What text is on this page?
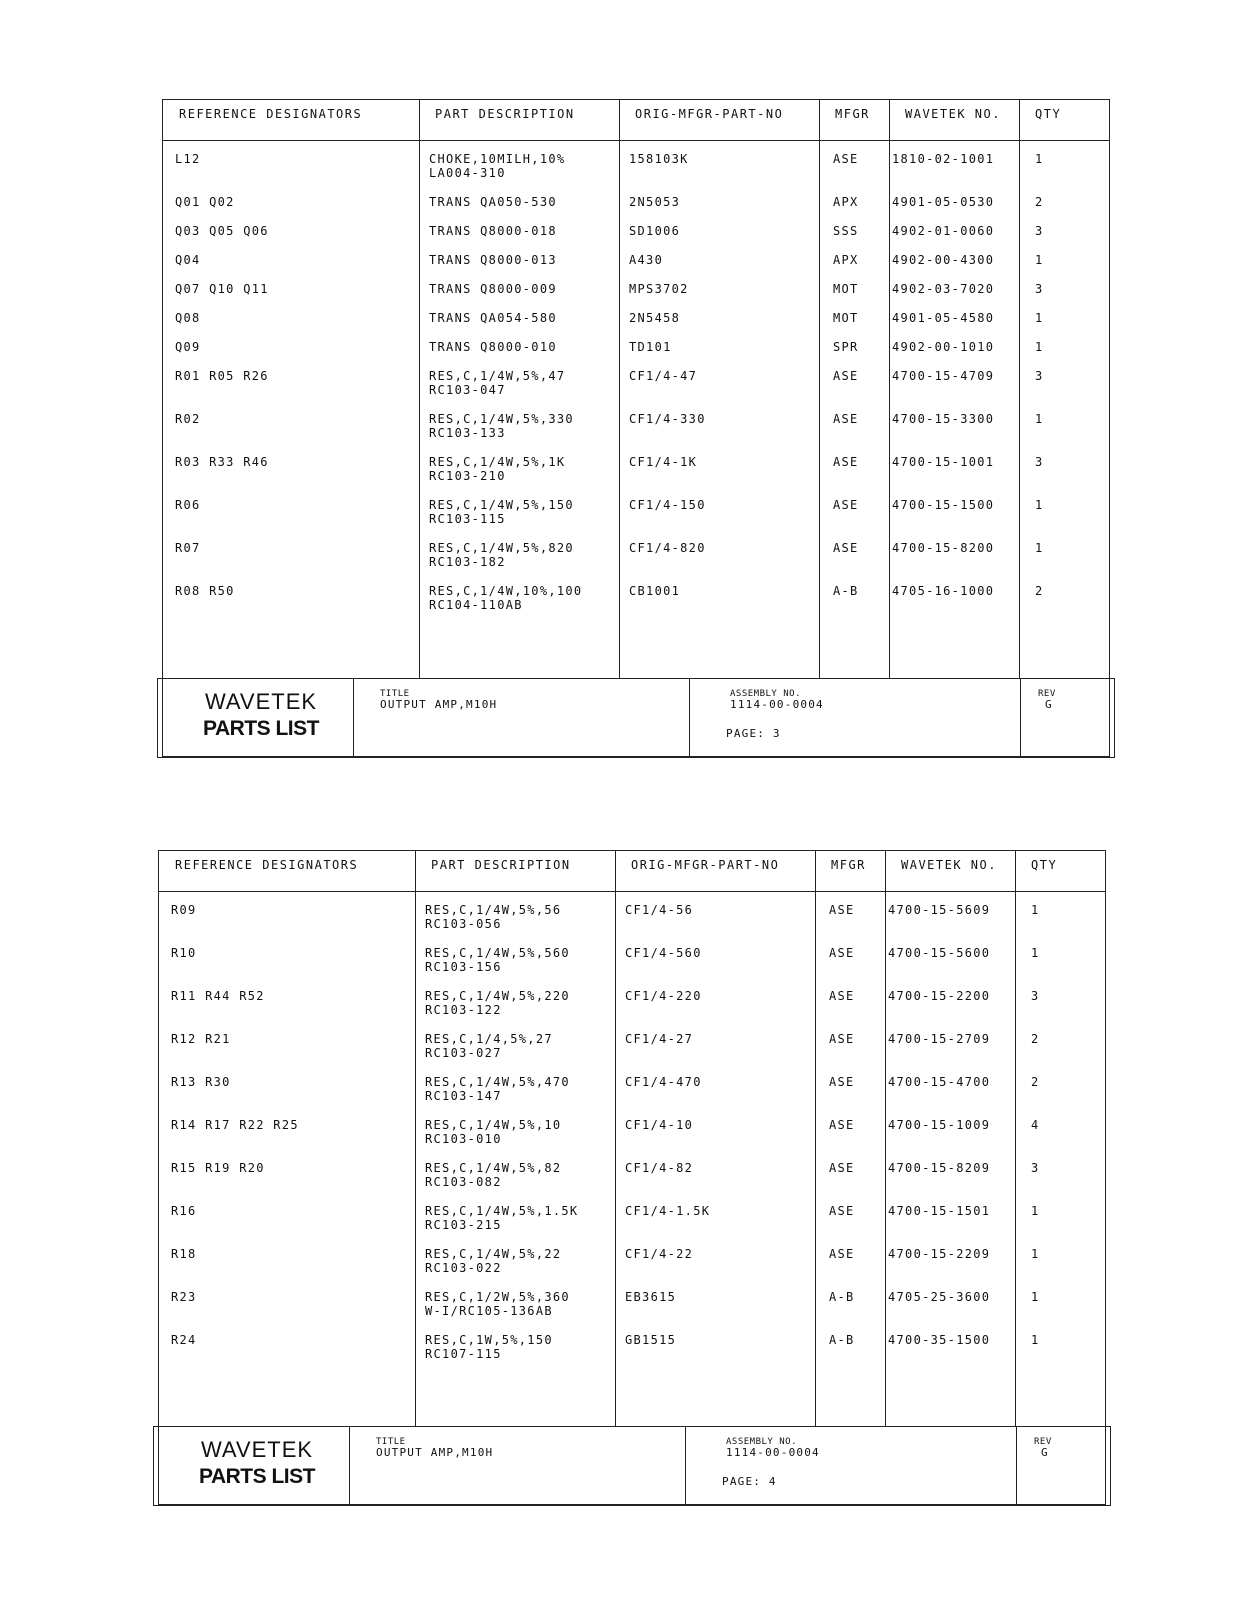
REFERENCE DESIGNATORS	PART DESCRIPTION	ORIG-MFGR-PART-NO	MFGR	WAVETEK NO.	QTY
L12	CHOKE,10MILH,10%
LA004-310
158103K	ASE	1810-02-1001	1
Q01 Q02	TRANS QA050-530	2N5053	APX	4901-05-0530	2
Q03 Q05 Q06	TRANS Q8000-018	SD1006	SSS	4902-01-0060	3
Q04	TRANS Q8000-013	A430	APX	4902-00-4300	1
Q07 Q10 Q11	TRANS Q8000-009	MPS3702	MOT	4902-03-7020	3
Q08	TRANS QA054-580	2N5458	MOT	4901-05-4580	1
Q09	TRANS Q8000-010	TD101	SPR	4902-00-1010	1
R01 R05 R26	RES,C,1/4W,5%,47
RC103-047
CF1/4-47	ASE	4700-15-4709	3
R02	RES,C,1/4W,5%,330
RC103-133
CF1/4-330	ASE	4700-15-3300	1
R03 R33 R46	RES,C,1/4W,5%,1K
RC103-210
CF1/4-1K	ASE	4700-15-1001	3
R06	RES,C,1/4W,5%,150
RC103-115
CF1/4-150	ASE	4700-15-1500	1
R07	RES,C,1/4W,5%,820
RC103-182
CF1/4-820	ASE	4700-15-8200	1
R08 R50	RES,C,1/4W,10%,100
RC104-110AB
CB1001	A-B	4705-16-1000	2
WAVETEK
PARTS LIST
TITLE
OUTPUT AMP,M10H
ASSEMBLY NO.
1114-00-0004
PAGE: 3
REV
G
REFERENCE DESIGNATORS	PART DESCRIPTION	ORIG-MFGR-PART-NO	MFGR	WAVETEK NO.	QTY
R09	RES,C,1/4W,5%,56
RC103-056
CF1/4-56	ASE	4700-15-5609	1
R10	RES,C,1/4W,5%,560
RC103-156
CF1/4-560	ASE	4700-15-5600	1
R11 R44 R52	RES,C,1/4W,5%,220
RC103-122
CF1/4-220	ASE	4700-15-2200	3
R12 R21	RES,C,1/4,5%,27
RC103-027
CF1/4-27	ASE	4700-15-2709	2
R13 R30	RES,C,1/4W,5%,470
RC103-147
CF1/4-470	ASE	4700-15-4700	2
R14 R17 R22 R25	RES,C,1/4W,5%,10
RC103-010
CF1/4-10	ASE	4700-15-1009	4
R15 R19 R20	RES,C,1/4W,5%,82
RC103-082
CF1/4-82	ASE	4700-15-8209	3
R16	RES,C,1/4W,5%,1.5K
RC103-215
CF1/4-1.5K	ASE	4700-15-1501	1
R18	RES,C,1/4W,5%,22
RC103-022
CF1/4-22	ASE	4700-15-2209	1
R23	RES,C,1/2W,5%,360
W-I/RC105-136AB
EB3615	A-B	4705-25-3600	1
R24	RES,C,1W,5%,150
RC107-115
GB1515	A-B	4700-35-1500	1
WAVETEK
PARTS LIST
TITLE
OUTPUT AMP,M10H
ASSEMBLY NO.
1114-00-0004
PAGE: 4
REV
G
